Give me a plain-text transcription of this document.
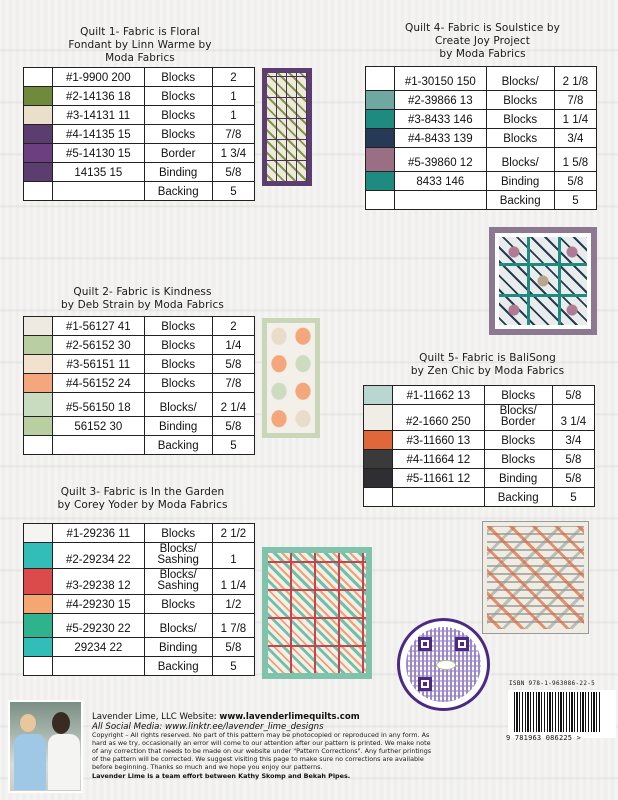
Quilt 1- Fabric is Floral
Fondant by Linn Warme by
Moda Fabrics
	#1-9900 200	Blocks	2

	#2-14136 18	Blocks	1

	#3-14131 11	Blocks	1

	#4-14135 15	Blocks	7/8

	#5-14130 15	Border	1 3/4

	14135 15	Binding	5/8

		Backing	5
Quilt 4- Fabric is Soulstice by
Create Joy Project
by Moda Fabrics
	#1-30150 150	Blocks/	2 1/8

	#2-39866 13	Blocks	7/8

	#3-8433 146	Blocks	1 1/4

	#4-8433 139	Blocks	3/4

	#5-39860 12	Blocks/	1 5/8

	8433 146	Binding	5/8

		Backing	5
Quilt 2- Fabric is Kindness
by Deb Strain by Moda Fabrics
	#1-56127 41	Blocks	2

	#2-56152 30	Blocks	1/4

	#3-56151 11	Blocks	5/8

	#4-56152 24	Blocks	7/8

	#5-56150 18	Blocks/	2 1/4

	56152 30	Binding	5/8

		Backing	5
Quilt 5- Fabric is BaliSong
by Zen Chic by Moda Fabrics
	#1-11662 13	Blocks	5/8

	#2-1660 250	Blocks/
Border	3 1/4

	#3-11660 13	Blocks	3/4

	#4-11664 12	Blocks	5/8

	#5-11661 12	Binding	5/8

		Backing	5
Quilt 3- Fabric is In the Garden
by Corey Yoder by Moda Fabrics
	#1-29236 11	Blocks	2 1/2

	#2-29234 22	Blocks/
Sashing	1

	#3-29238 12	Blocks/
Sashing	1 1/4

	#4-29230 15	Blocks	1/2

	#5-29230 22	Blocks/	1 7/8

	29234 22	Binding	5/8

		Backing	5
ISBN 978-1-963086-22-5
9 781963 086225 >
Lavender Lime, LLC Website: www.lavenderlimequilts.com
All Social Media: www.linktr.ee/lavender_lime_designs
Copyright – All rights reserved. No part of this pattern may be photocopied or reproduced in any form. As hard as we try, occasionally an error will come to our attention after our pattern is printed. We make note of any correction that needs to be made on our website under "Pattern Corrections". Any further printings of the pattern will be corrected. We suggest visiting this page to make sure no corrections are available before beginning. Thanks so much and we hope you enjoy our patterns.
Lavender Lime is a team effort between Kathy Skomp and Bekah Pipes.
